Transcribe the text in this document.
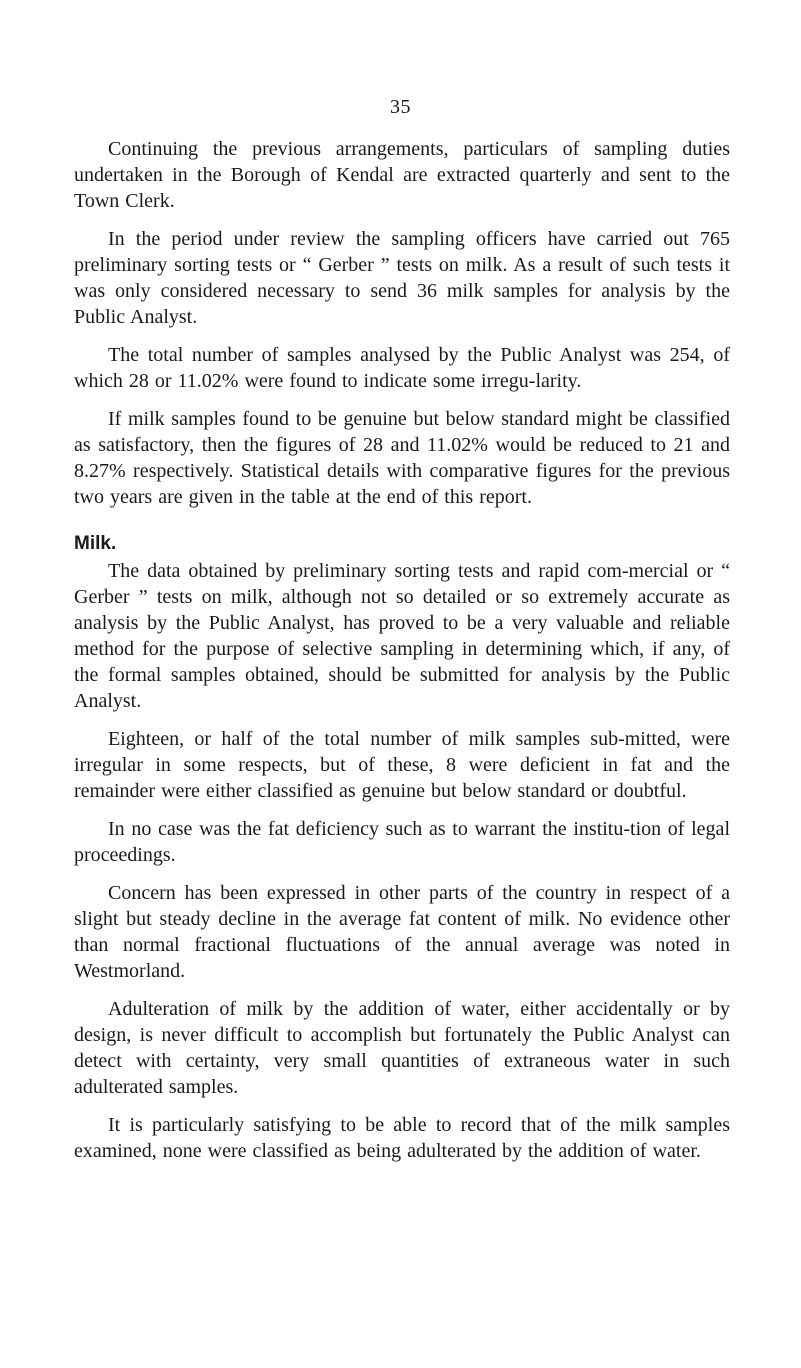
35

Continuing the previous arrangements, particulars of sampling duties undertaken in the Borough of Kendal are extracted quarterly and sent to the Town Clerk.

In the period under review the sampling officers have carried out 765 preliminary sorting tests or “ Gerber ” tests on milk. As a result of such tests it was only considered necessary to send 36 milk samples for analysis by the Public Analyst.

The total number of samples analysed by the Public Analyst was 254, of which 28 or 11.02% were found to indicate some irregu-larity.

If milk samples found to be genuine but below standard might be classified as satisfactory, then the figures of 28 and 11.02% would be reduced to 21 and 8.27% respectively. Statistical details with comparative figures for the previous two years are given in the table at the end of this report.

Milk.

The data obtained by preliminary sorting tests and rapid com-mercial or “ Gerber ” tests on milk, although not so detailed or so extremely accurate as analysis by the Public Analyst, has proved to be a very valuable and reliable method for the purpose of selective sampling in determining which, if any, of the formal samples obtained, should be submitted for analysis by the Public Analyst.

Eighteen, or half of the total number of milk samples sub-mitted, were irregular in some respects, but of these, 8 were deficient in fat and the remainder were either classified as genuine but below standard or doubtful.

In no case was the fat deficiency such as to warrant the institu-tion of legal proceedings.

Concern has been expressed in other parts of the country in respect of a slight but steady decline in the average fat content of milk. No evidence other than normal fractional fluctuations of the annual average was noted in Westmorland.

Adulteration of milk by the addition of water, either accidentally or by design, is never difficult to accomplish but fortunately the Public Analyst can detect with certainty, very small quantities of extraneous water in such adulterated samples.

It is particularly satisfying to be able to record that of the milk samples examined, none were classified as being adulterated by the addition of water.
